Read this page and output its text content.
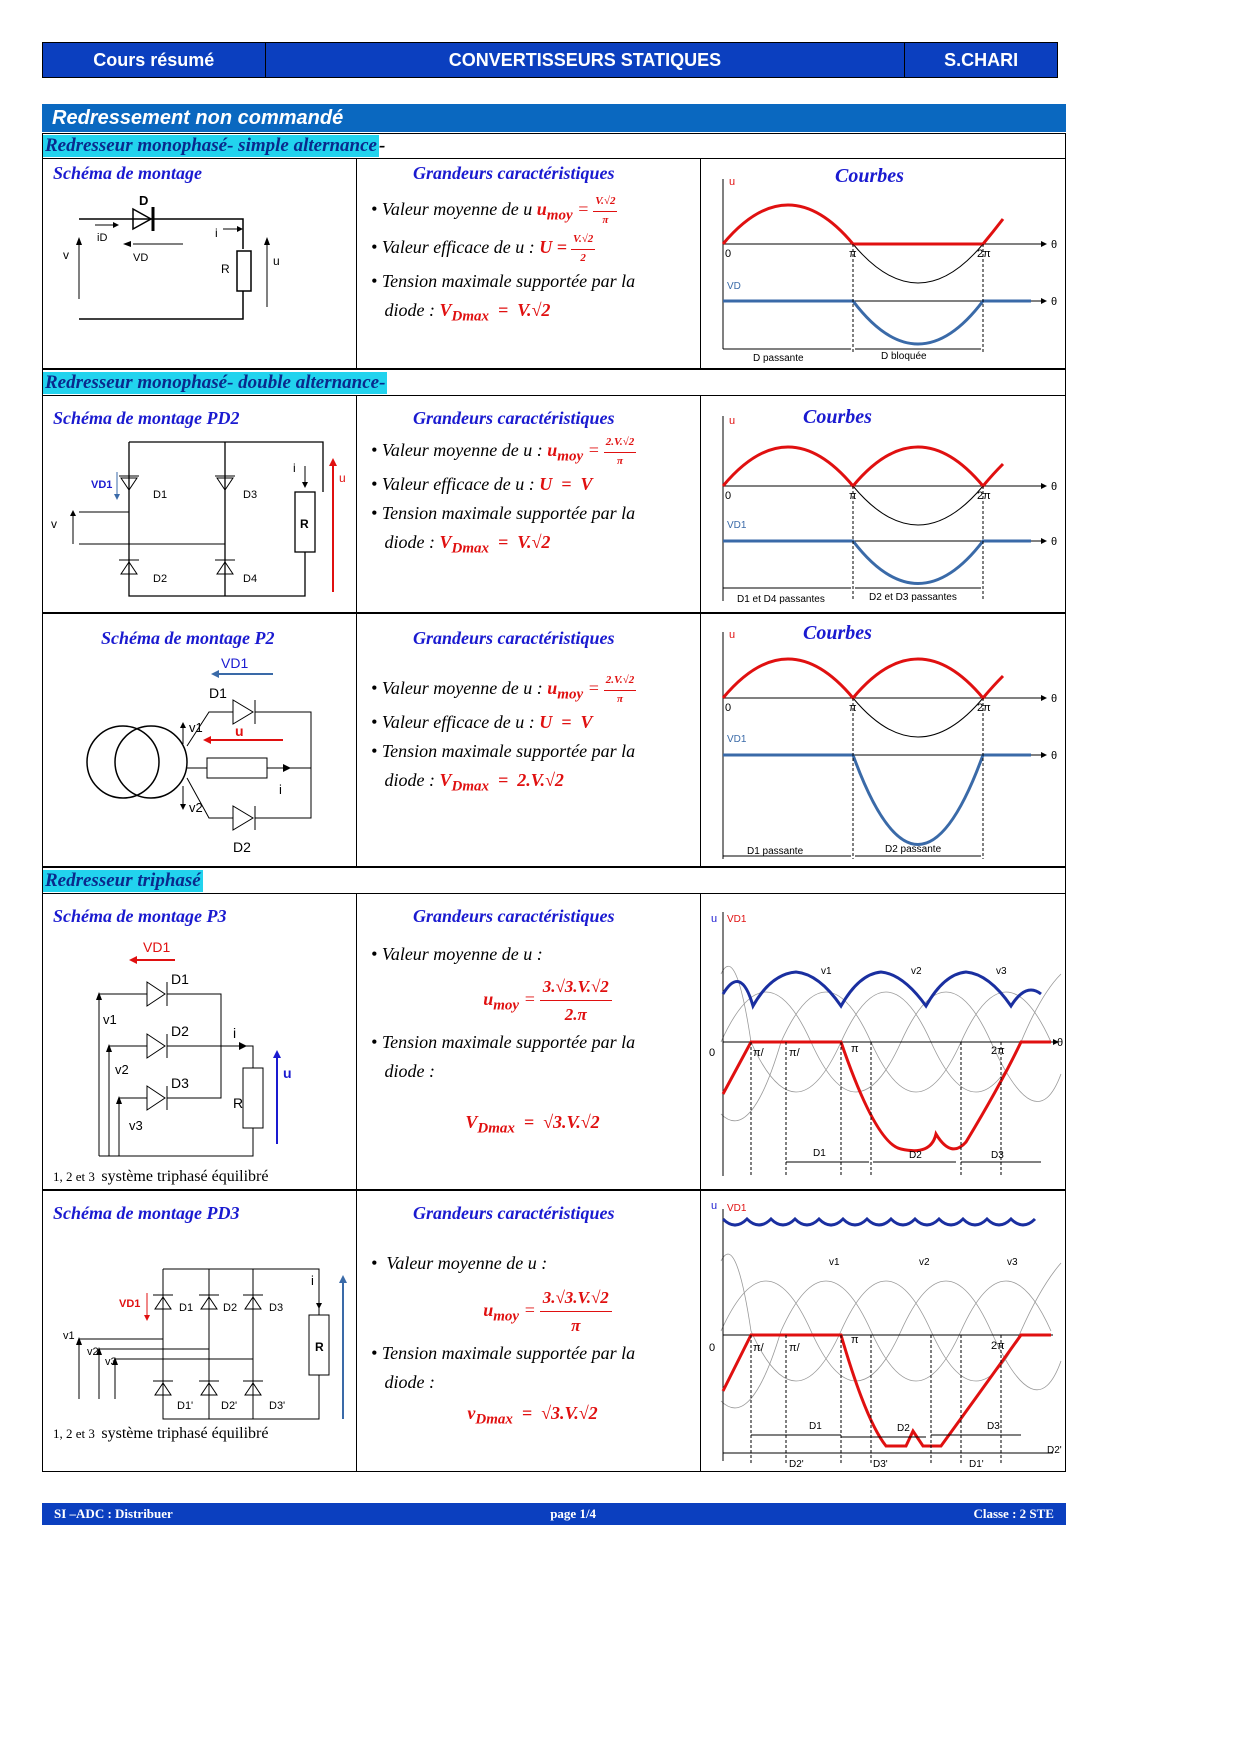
Cours résumé	CONVERTISSEURS STATIQUES	S.CHARI
Redressement non commandé
Redresseur monophasé- simple alternance -
Schéma de montage
D
iD
VD
i
R
u
v
Grandeurs caractéristiques
• Valeur moyenne de u $u_{moy} = \frac{V.√2}{\pi}$
• Valeur efficace de u : $U = \frac{V.√2}{2}$
• Tension maximale supportée par la
diode : $V_{Dmax} = V.√2$
Courbes
u
VD
0	π	2π
θ
θ
D passante	D bloquée
Redresseur monophasé- double alternance-
Schéma de montage PD2
VD1
D1	D3
D2	D4
i
u
R
v
Grandeurs caractéristiques
• Valeur moyenne de u : $u_{moy} = \frac{2.V.√2}{\pi}$
• Valeur efficace de u : U  =  V
• Tension maximale supportée par la
diode : $V_{Dmax} = V.√2$
Courbes
u
VD1
0	π	2π
θ
θ
D1 et D4 passantes	D2 et D3 passantes
Schéma de montage P2
VD1
D1
D2
v1
v2
u
i
Grandeurs caractéristiques
• Valeur moyenne de u : $u_{moy} = \frac{2.V.√2}{\pi}$
• Valeur efficace de u : U  =  V
• Tension maximale supportée par la
diode : $V_{Dmax} = 2.V.√2$
Courbes
u
VD1
0	π	2π
θ
θ
D1 passante	D2 passante
Redresseur triphasé
Schéma de montage P3
VD1
D1
D2
D3
v1
v2
v3
i
u
R
1, 2 et 3 système triphasé équilibré
Grandeurs caractéristiques
• Valeur moyenne de u :
$u_{moy} = \frac{3.√3.V.√2}{2.\pi}$
• Tension maximale supportée par la
diode :
$V_{Dmax} = √3.V.√2$
u VD1
0	π/ π/	π	2π
θ
v1	v2	v3
D1	D2	D3
Schéma de montage PD3
VD1	D1	D2	D3
D1'	D2'	D3'
v1
v2
v3
i
R
1, 2 et 3 système triphasé équilibré
Grandeurs caractéristiques
•  Valeur moyenne de u :
$u_{moy} = \frac{3.√3.V.√2}{\pi}$
• Tension maximale supportée par la
diode :
$v_{Dmax} = √3.V.√2$
u VD1
0	π/ π/
π	2π
v1	v2	v3
D1	D2	D3
D2'	D3'	D1'
D2'
SI –ADC : Distribuer	page 1/4	Classe : 2 STE
